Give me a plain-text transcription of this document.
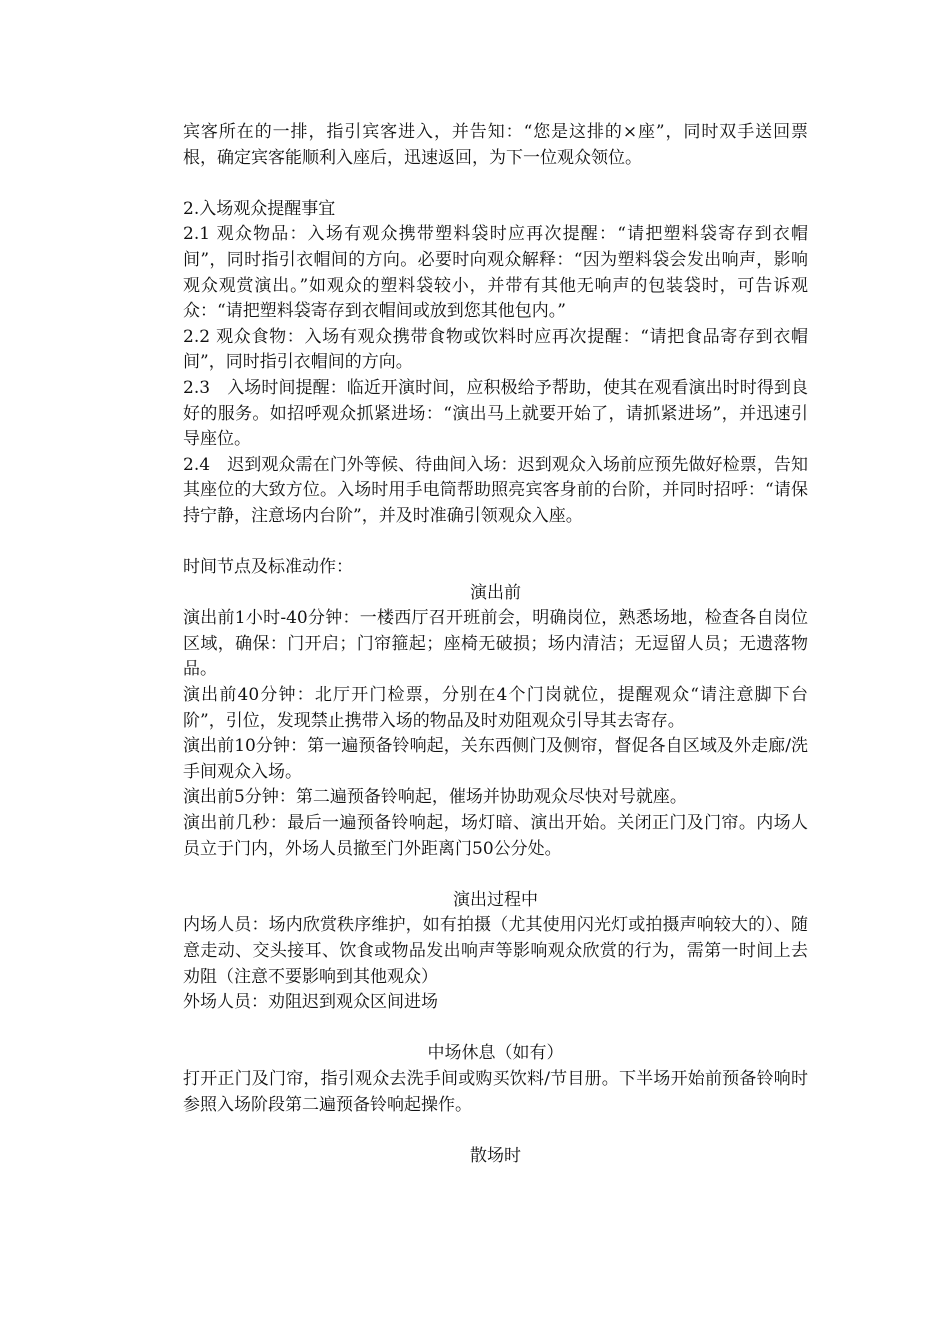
宾客所在的一排，指引宾客进入，并告知：“您是这排的×座”，同时双手送回票根，确定宾客能顺利入座后，迅速返回，为下一位观众领位。

2.入场观众提醒事宜

2.1 观众物品：入场有观众携带塑料袋时应再次提醒：“请把塑料袋寄存到衣帽间”，同时指引衣帽间的方向。必要时向观众解释：“因为塑料袋会发出响声，影响观众观赏演出。”如观众的塑料袋较小，并带有其他无响声的包装袋时，可告诉观众：“请把塑料袋寄存到衣帽间或放到您其他包内。”

2.2 观众食物：入场有观众携带食物或饮料时应再次提醒：“请把食品寄存到衣帽间”，同时指引衣帽间的方向。

2.3　入场时间提醒：临近开演时间，应积极给予帮助，使其在观看演出时时得到良好的服务。如招呼观众抓紧进场：“演出马上就要开始了，请抓紧进场”，并迅速引导座位。

2.4　迟到观众需在门外等候、待曲间入场：迟到观众入场前应预先做好检票，告知其座位的大致方位。入场时用手电筒帮助照亮宾客身前的台阶，并同时招呼：“请保持宁静，注意场内台阶”，并及时准确引领观众入座。

时间节点及标准动作：

演出前

演出前1小时-40分钟：一楼西厅召开班前会，明确岗位，熟悉场地，检查各自岗位区域，确保：门开启；门帘箍起；座椅无破损；场内清洁；无逗留人员；无遗落物品。

演出前40分钟：北厅开门检票，分别在4个门岗就位，提醒观众“请注意脚下台阶”，引位，发现禁止携带入场的物品及时劝阻观众引导其去寄存。

演出前10分钟：第一遍预备铃响起，关东西侧门及侧帘，督促各自区域及外走廊/洗手间观众入场。

演出前5分钟：第二遍预备铃响起，催场并协助观众尽快对号就座。

演出前几秒：最后一遍预备铃响起，场灯暗、演出开始。关闭正门及门帘。内场人员立于门内，外场人员撤至门外距离门50公分处。

演出过程中

内场人员：场内欣赏秩序维护，如有拍摄（尤其使用闪光灯或拍摄声响较大的）、随意走动、交头接耳、饮食或物品发出响声等影响观众欣赏的行为，需第一时间上去劝阻（注意不要影响到其他观众）

外场人员：劝阻迟到观众区间进场

中场休息（如有）

打开正门及门帘，指引观众去洗手间或购买饮料/节目册。下半场开始前预备铃响时参照入场阶段第二遍预备铃响起操作。

散场时
